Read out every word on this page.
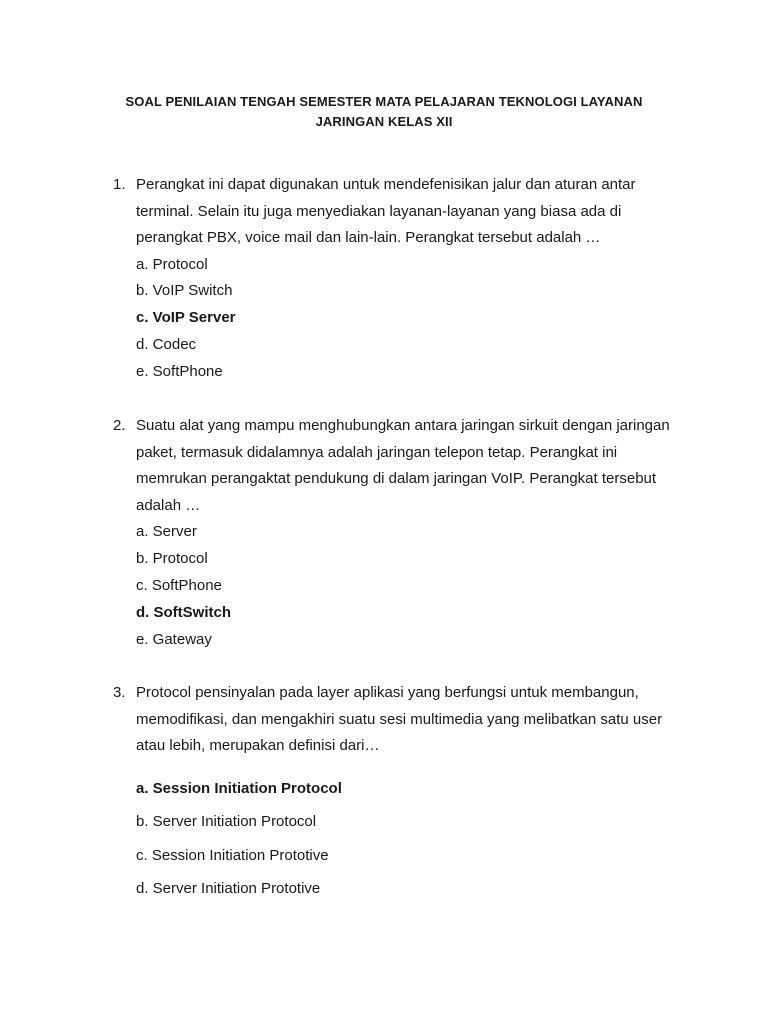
SOAL PENILAIAN TENGAH SEMESTER MATA PELAJARAN TEKNOLOGI LAYANAN
JARINGAN KELAS XII
1. Perangkat ini dapat digunakan untuk mendefenisikan jalur dan aturan antar
terminal. Selain itu juga menyediakan layanan-layanan yang biasa ada di
perangkat PBX, voice mail dan lain-lain. Perangkat tersebut adalah …
a. Protocol
b. VoIP Switch
c. VoIP Server
d. Codec
e. SoftPhone
2. Suatu alat yang mampu menghubungkan antara jaringan sirkuit dengan jaringan
paket, termasuk didalamnya adalah jaringan telepon tetap. Perangkat ini
memrukan perangaktat pendukung di dalam jaringan VoIP. Perangkat tersebut
adalah …
a. Server
b. Protocol
c. SoftPhone
d. SoftSwitch
e. Gateway
3. Protocol pensinyalan pada layer aplikasi yang berfungsi untuk membangun,
memodifikasi, dan mengakhiri suatu sesi multimedia yang melibatkan satu user
atau lebih, merupakan definisi dari…
a. Session Initiation Protocol
b. Server Initiation Protocol
c. Session Initiation Prototive
d. Server Initiation Prototive
